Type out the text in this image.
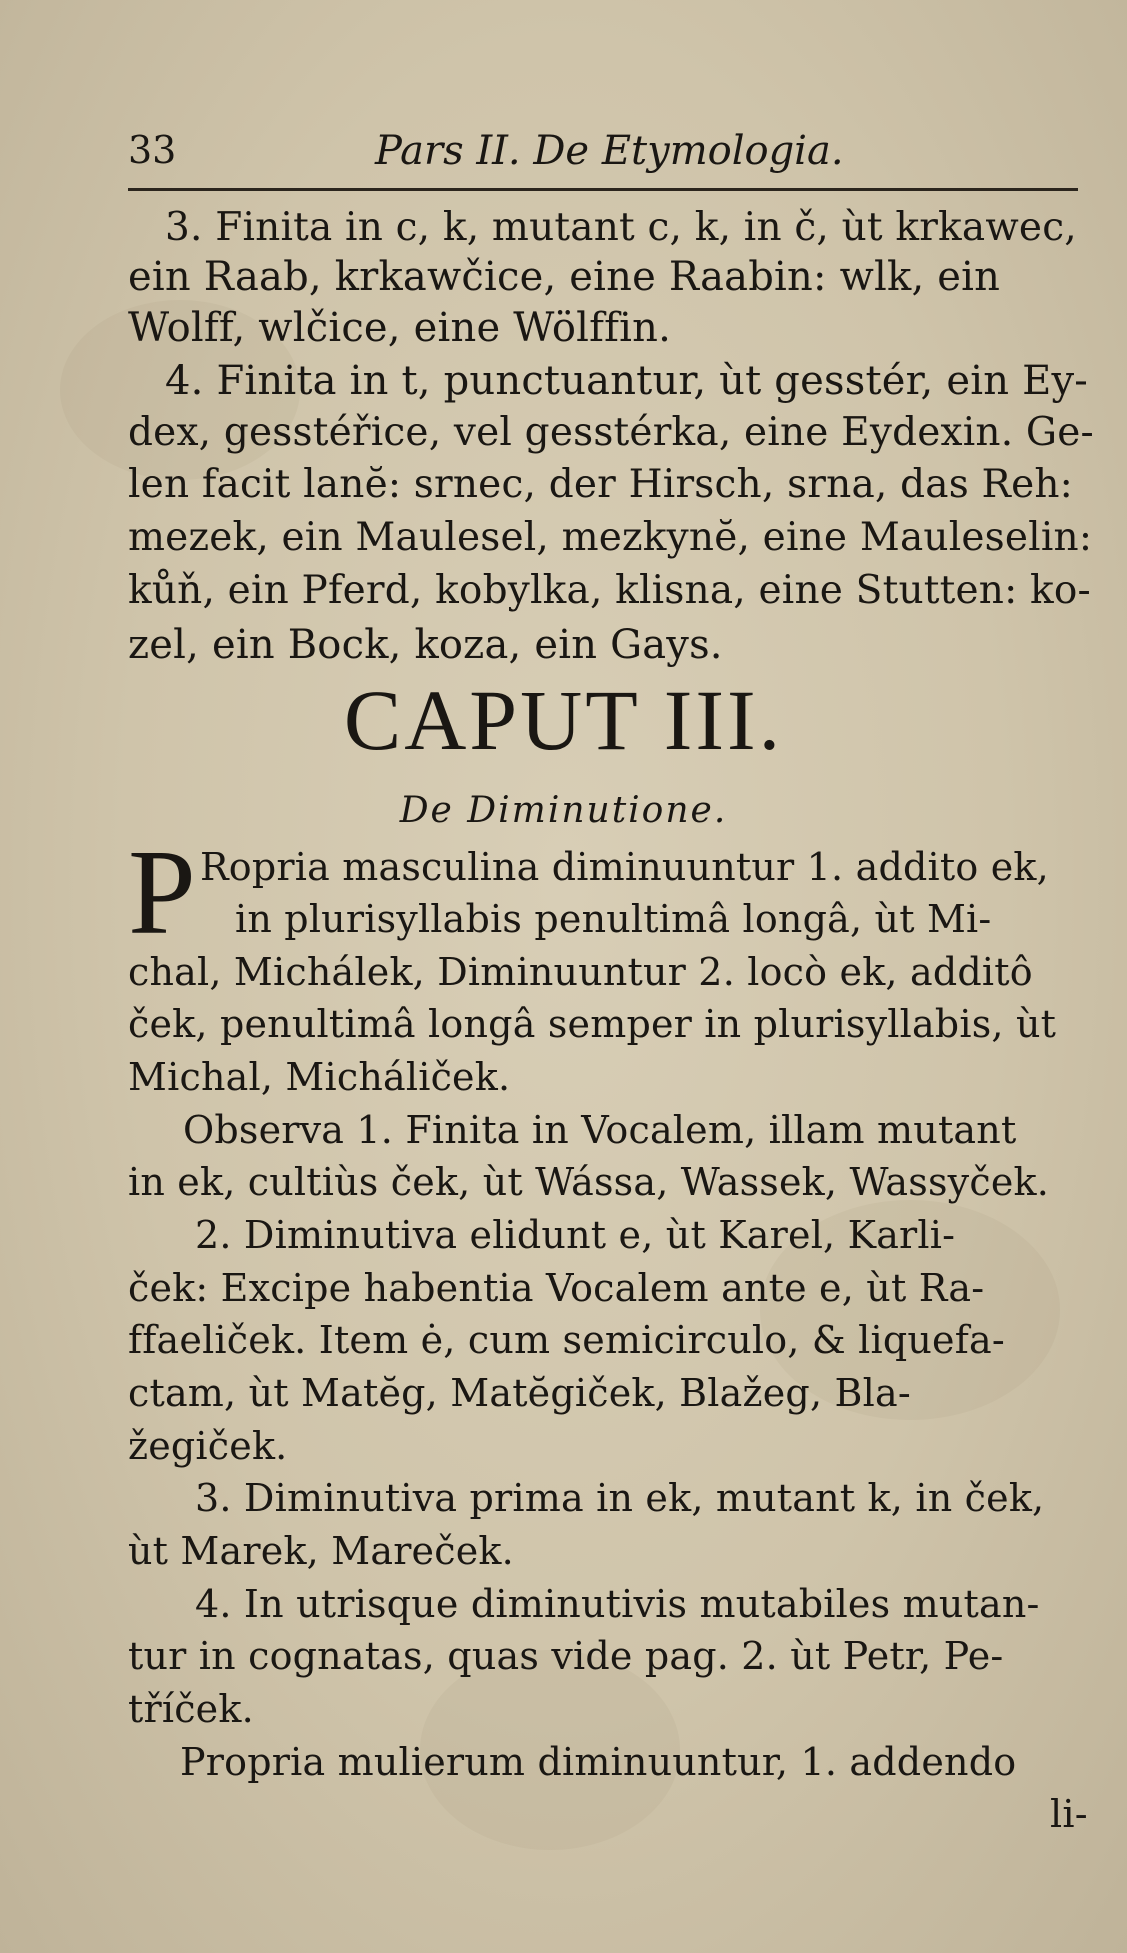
33	Pars II. De Etymologia.
3. Finita in c, k, mutant c, k, in č, ùt krkawec,
ein Raab, krkawčice, eine Raabin: wlk, ein
Wolff, wlčice, eine Wölffin.
4. Finita in t, punctuantur, ùt gesstér, ein Ey-
dex, gesstéřice, vel gesstérka, eine Eydexin. Ge-
len facit lanĕ: srnec, der Hirsch, srna, das Reh:
mezek, ein Maulesel, mezkynĕ, eine Mauleselin:
kůň, ein Pferd, kobylka, klisna, eine Stutten: ko-
zel, ein Bock, koza, ein Gays.
CAPUT III.
De Diminutione.
P Ropria masculina diminuuntur 1. addito ek,
in plurisyllabis penultimâ longâ, ùt Mi-
chal, Michálek, Diminuuntur 2. locò ek, additô
ček, penultimâ longâ semper in plurisyllabis, ùt
Michal, Micháliček.
Observa 1. Finita in Vocalem, illam mutant
in ek, cultiùs ček, ùt Wássa, Wassek, Wassyček.
2. Diminutiva elidunt e, ùt Karel, Karli-
ček: Excipe habentia Vocalem ante e, ùt Ra-
ffaeliček. Item ė, cum semicirculo, & liquefa-
ctam, ùt Matĕg, Matĕgiček, Blažeg, Bla-
žegiček.
3. Diminutiva prima in ek, mutant k, in ček,
ùt Marek, Mareček.
4. In utrisque diminutivis mutabiles mutan-
tur in cognatas, quas vide pag. 2. ùt Petr, Pe-
tříček.
Propria mulierum diminuuntur, 1. addendo
li-
